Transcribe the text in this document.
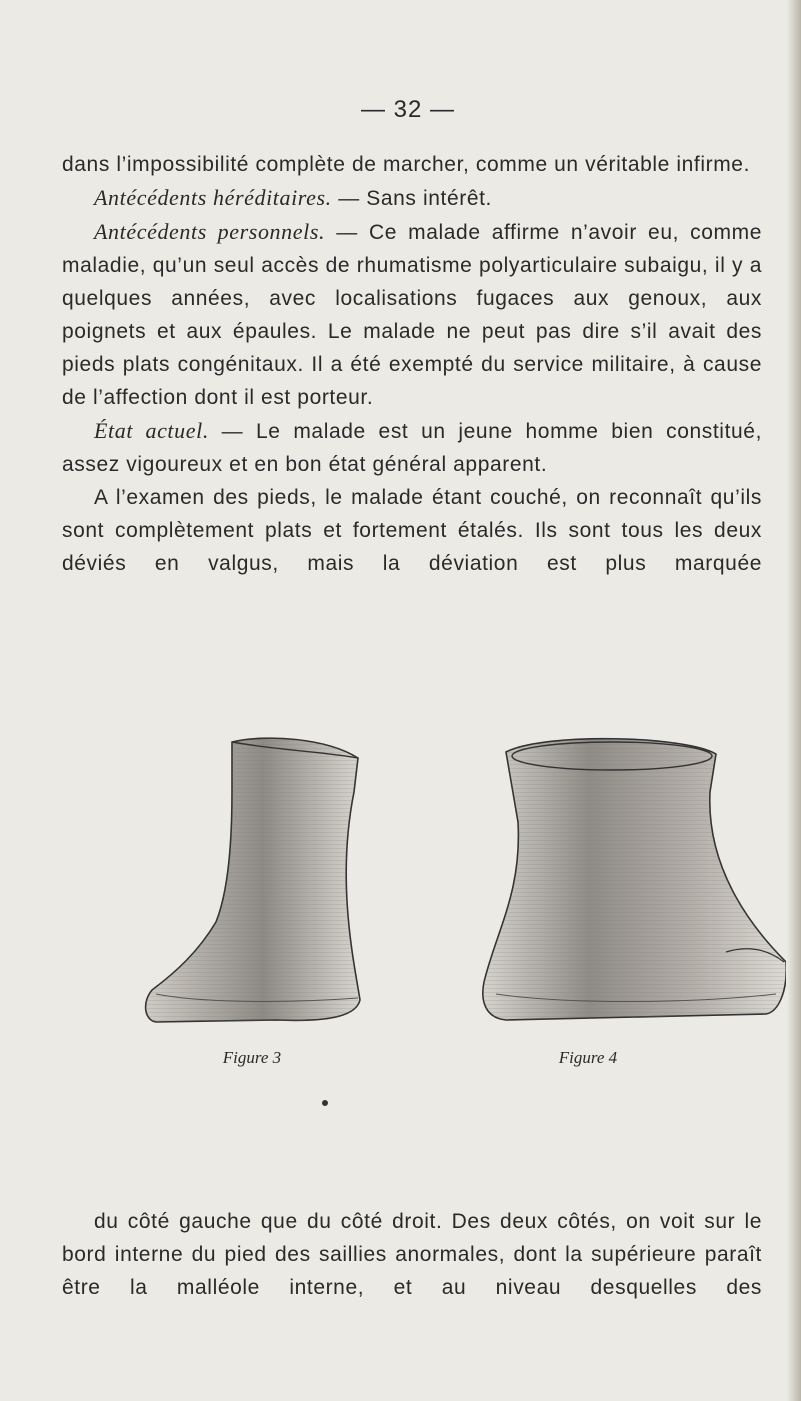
— 32 —

dans l’impossibilité complète de marcher, comme un véritable infirme.

Antécédents héréditaires. — Sans intérêt.

Antécédents personnels. — Ce malade affirme n’avoir eu, comme maladie, qu’un seul accès de rhumatisme polyarticulaire subaigu, il y a quelques années, avec localisations fugaces aux genoux, aux poignets et aux épaules. Le malade ne peut pas dire s’il avait des pieds plats congénitaux. Il a été exempté du service militaire, à cause de l’affection dont il est porteur.

État actuel. — Le malade est un jeune homme bien constitué, assez vigoureux et en bon état général apparent.

A l’examen des pieds, le malade étant couché, on reconnaît qu’ils sont complètement plats et fortement étalés. Ils sont tous les deux déviés en valgus, mais la déviation est plus marquée

Figure 3	Figure 4

du côté gauche que du côté droit. Des deux côtés, on voit sur le bord interne du pied des saillies anormales, dont la supérieure paraît être la malléole interne, et au niveau desquelles des
